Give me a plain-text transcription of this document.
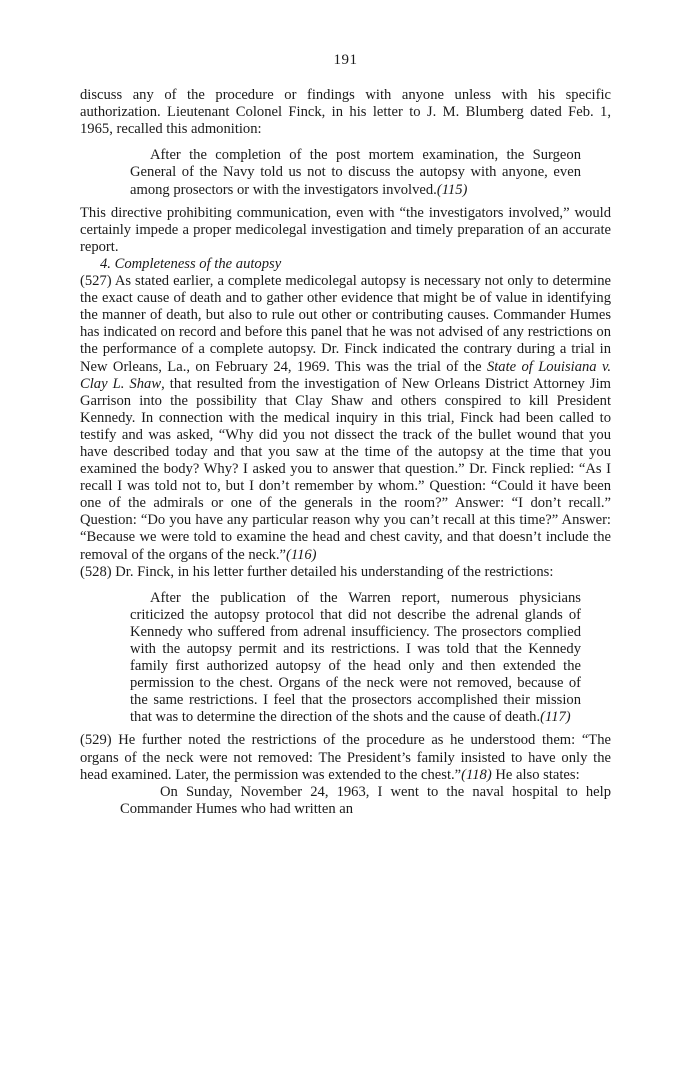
191

discuss any of the procedure or findings with anyone unless with his specific authorization. Lieutenant Colonel Finck, in his letter to J. M. Blumberg dated Feb. 1, 1965, recalled this admonition:

After the completion of the post mortem examination, the Surgeon General of the Navy told us not to discuss the autopsy with anyone, even among prosectors or with the investigators involved.(115)

This directive prohibiting communication, even with “the investigators involved,” would certainly impede a proper medicolegal investigation and timely preparation of an accurate report.

4. Completeness of the autopsy

(527) As stated earlier, a complete medicolegal autopsy is necessary not only to determine the exact cause of death and to gather other evidence that might be of value in identifying the manner of death, but also to rule out other or contributing causes. Commander Humes has indicated on record and before this panel that he was not advised of any restrictions on the performance of a complete autopsy. Dr. Finck indicated the contrary during a trial in New Orleans, La., on February 24, 1969. This was the trial of the State of Louisiana v. Clay L. Shaw, that resulted from the investigation of New Orleans District Attorney Jim Garrison into the possibility that Clay Shaw and others conspired to kill President Kennedy. In connection with the medical inquiry in this trial, Finck had been called to testify and was asked, “Why did you not dissect the track of the bullet wound that you have described today and that you saw at the time of the autopsy at the time that you examined the body? Why? I asked you to answer that question.” Dr. Finck replied: “As I recall I was told not to, but I don’t remember by whom.” Question: “Could it have been one of the admirals or one of the generals in the room?” Answer: “I don’t recall.” Question: “Do you have any particular reason why you can’t recall at this time?” Answer: “Because we were told to examine the head and chest cavity, and that doesn’t include the removal of the organs of the neck.”(116)

(528) Dr. Finck, in his letter further detailed his understanding of the restrictions:

After the publication of the Warren report, numerous physicians criticized the autopsy protocol that did not describe the adrenal glands of Kennedy who suffered from adrenal insufficiency. The prosectors complied with the autopsy permit and its restrictions. I was told that the Kennedy family first authorized autopsy of the head only and then extended the permission to the chest. Organs of the neck were not removed, because of the same restrictions. I feel that the prosectors accomplished their mission that was to determine the direction of the shots and the cause of death.(117)

(529) He further noted the restrictions of the procedure as he understood them: “The organs of the neck were not removed: The President’s family insisted to have only the head examined. Later, the permission was extended to the chest.”(118) He also states:

On Sunday, November 24, 1963, I went to the naval hospital to help Commander Humes who had written an
